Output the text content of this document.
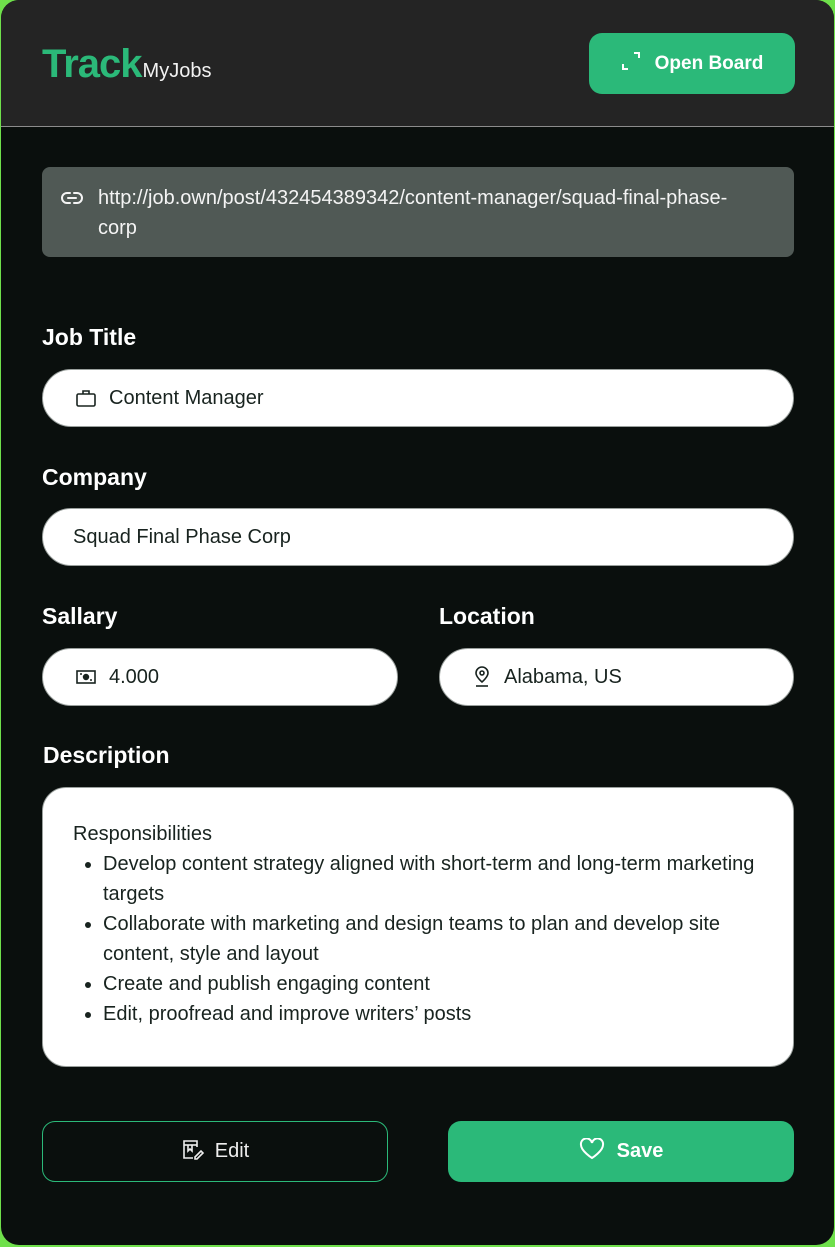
Track MyJobs	Open Board
http://job.own/post/432454389342/content-manager/squad-final-phase-corp
Job Title
Content Manager
Company
Squad Final Phase Corp
Sallary
4.000
Location
Alabama, US
Description
Responsibilities
• Develop content strategy aligned with short-term and long-term marketing targets
• Collaborate with marketing and design teams to plan and develop site content, style and layout
• Create and publish engaging content
• Edit, proofread and improve writers’ posts
Edit	Save
